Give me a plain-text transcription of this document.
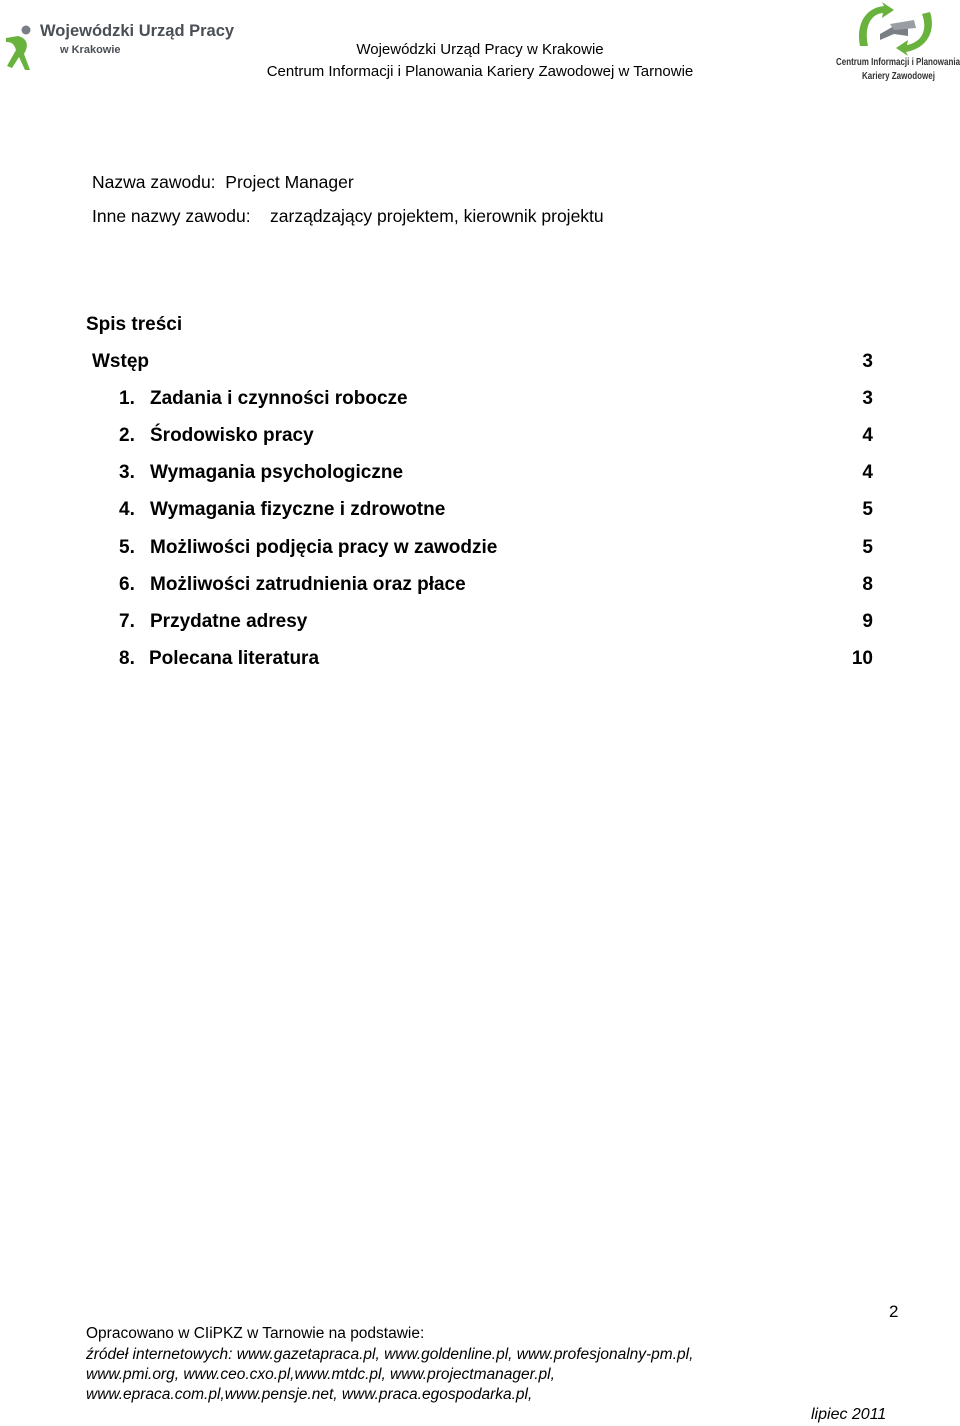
Wojewódzki Urząd Pracy
w Krakowie	Wojewódzki Urząd Pracy w Krakowie
Centrum Informacji i Planowania Kariery Zawodowej w Tarnowie
Centrum Informacji i Planowania
Kariery Zawodowej
Nazwa zawodu: Project Manager
Inne nazwy zawodu: zarządzający projektem, kierownik projektu
Spis treści
Wstęp	3
1. Zadania i czynności robocze	3
2. Środowisko pracy	4
3. Wymagania psychologiczne	4
4. Wymagania fizyczne i zdrowotne	5
5. Możliwości podjęcia pracy w zawodzie	5
6. Możliwości zatrudnienia oraz płace	8
7. Przydatne adresy	9
8. Polecana literatura	10
2
Opracowano w CIiPKZ w Tarnowie na podstawie:
źródeł internetowych: www.gazetapraca.pl, www.goldenline.pl, www.profesjonalny-pm.pl,
www.pmi.org, www.ceo.cxo.pl,www.mtdc.pl, www.projectmanager.pl,
www.epraca.com.pl,www.pensje.net, www.praca.egospodarka.pl,
lipiec 2011
